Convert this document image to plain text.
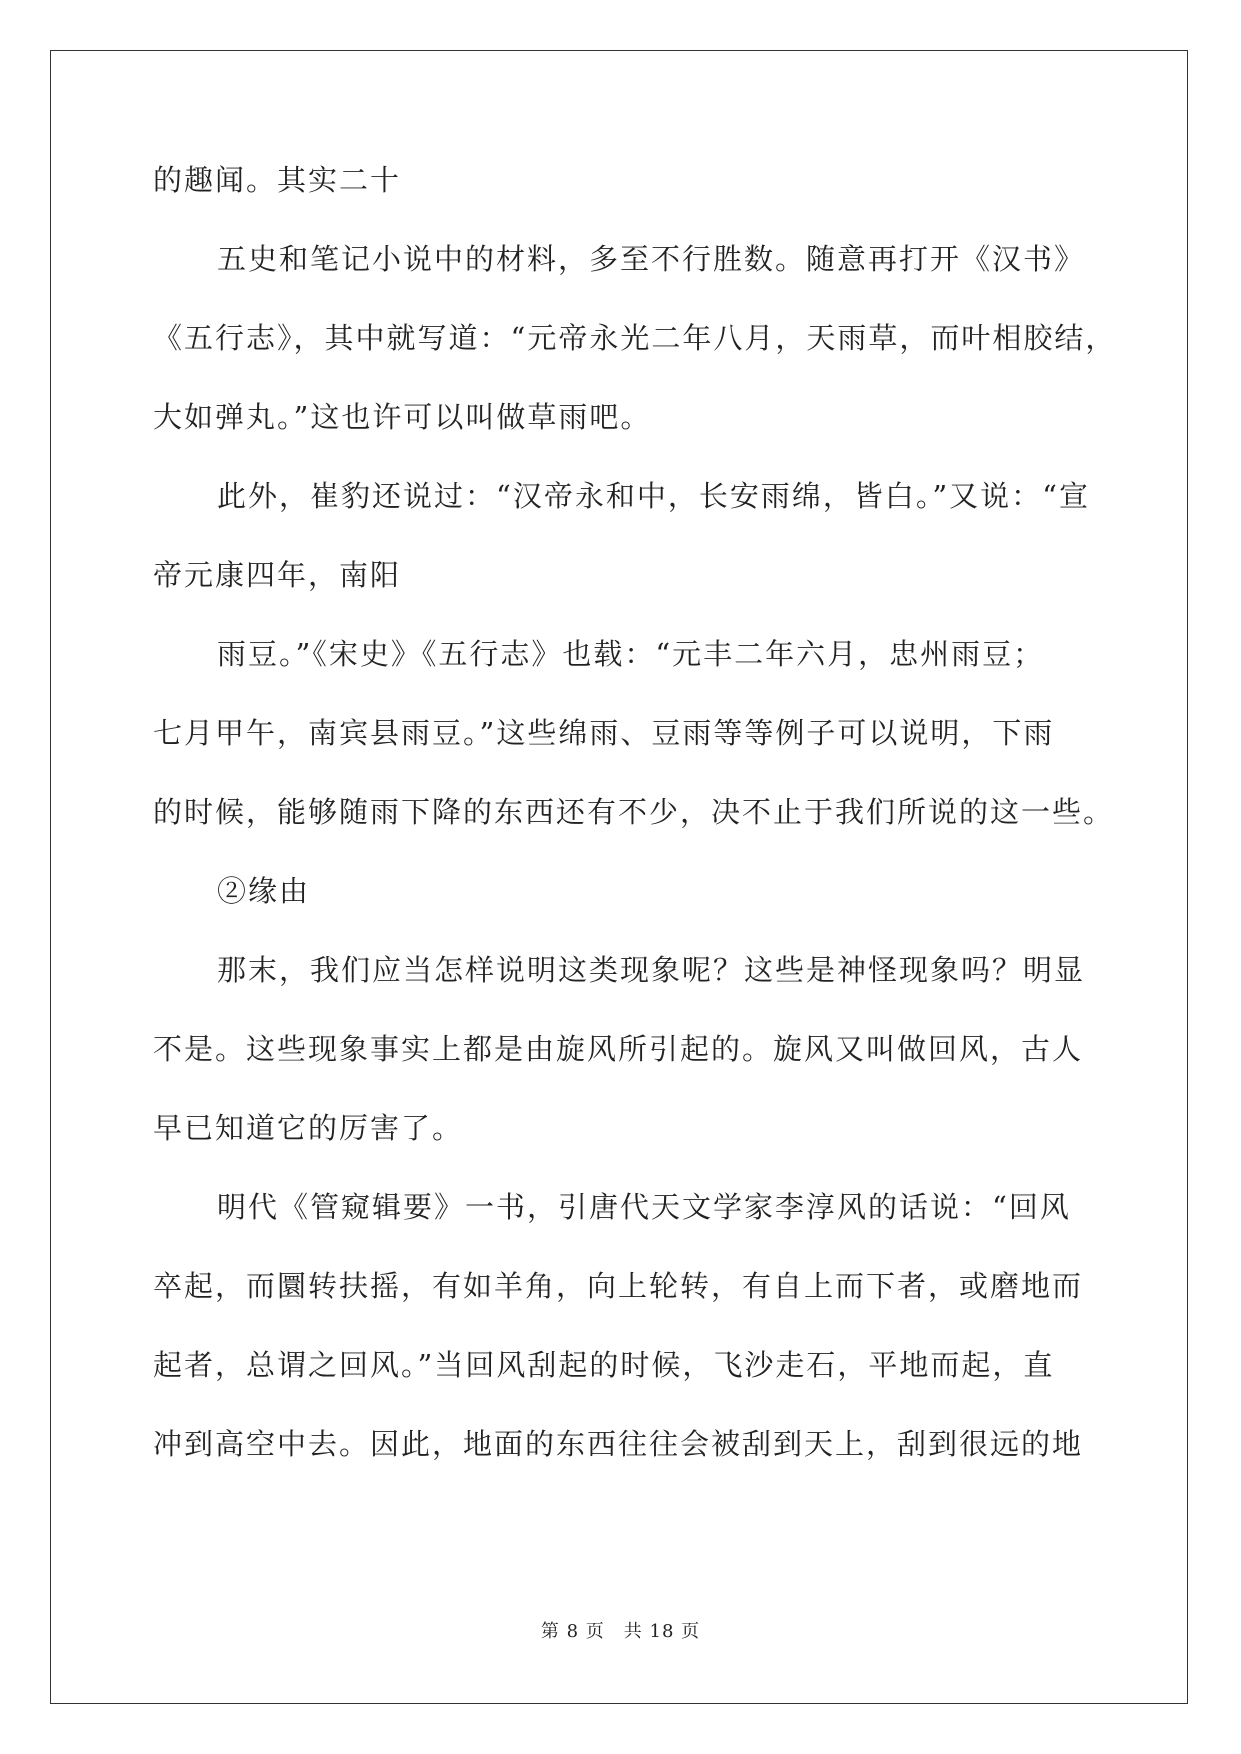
的趣闻。其实二十
五史和笔记小说中的材料，多至不行胜数。随意再打开《汉书》
《五行志》，其中就写道：“元帝永光二年八月，天雨草，而叶相胶结，
大如弹丸。”这也许可以叫做草雨吧。
此外，崔豹还说过：“汉帝永和中，长安雨绵，皆白。”又说：“宣
帝元康四年，南阳
雨豆。”《宋史》《五行志》也载：“元丰二年六月，忠州雨豆；
七月甲午，南宾县雨豆。”这些绵雨、豆雨等等例子可以说明，下雨
的时候，能够随雨下降的东西还有不少，决不止于我们所说的这一些。
②缘由
那末，我们应当怎样说明这类现象呢？这些是神怪现象吗？明显
不是。这些现象事实上都是由旋风所引起的。旋风又叫做回风，古人
早已知道它的厉害了。
明代《管窥辑要》一书，引唐代天文学家李淳风的话说：“回风
卒起，而圜转扶摇，有如羊角，向上轮转，有自上而下者，或磨地而
起者，总谓之回风。”当回风刮起的时候，飞沙走石，平地而起，直
冲到高空中去。因此，地面的东西往往会被刮到天上，刮到很远的地
第 8 页　共 18 页
